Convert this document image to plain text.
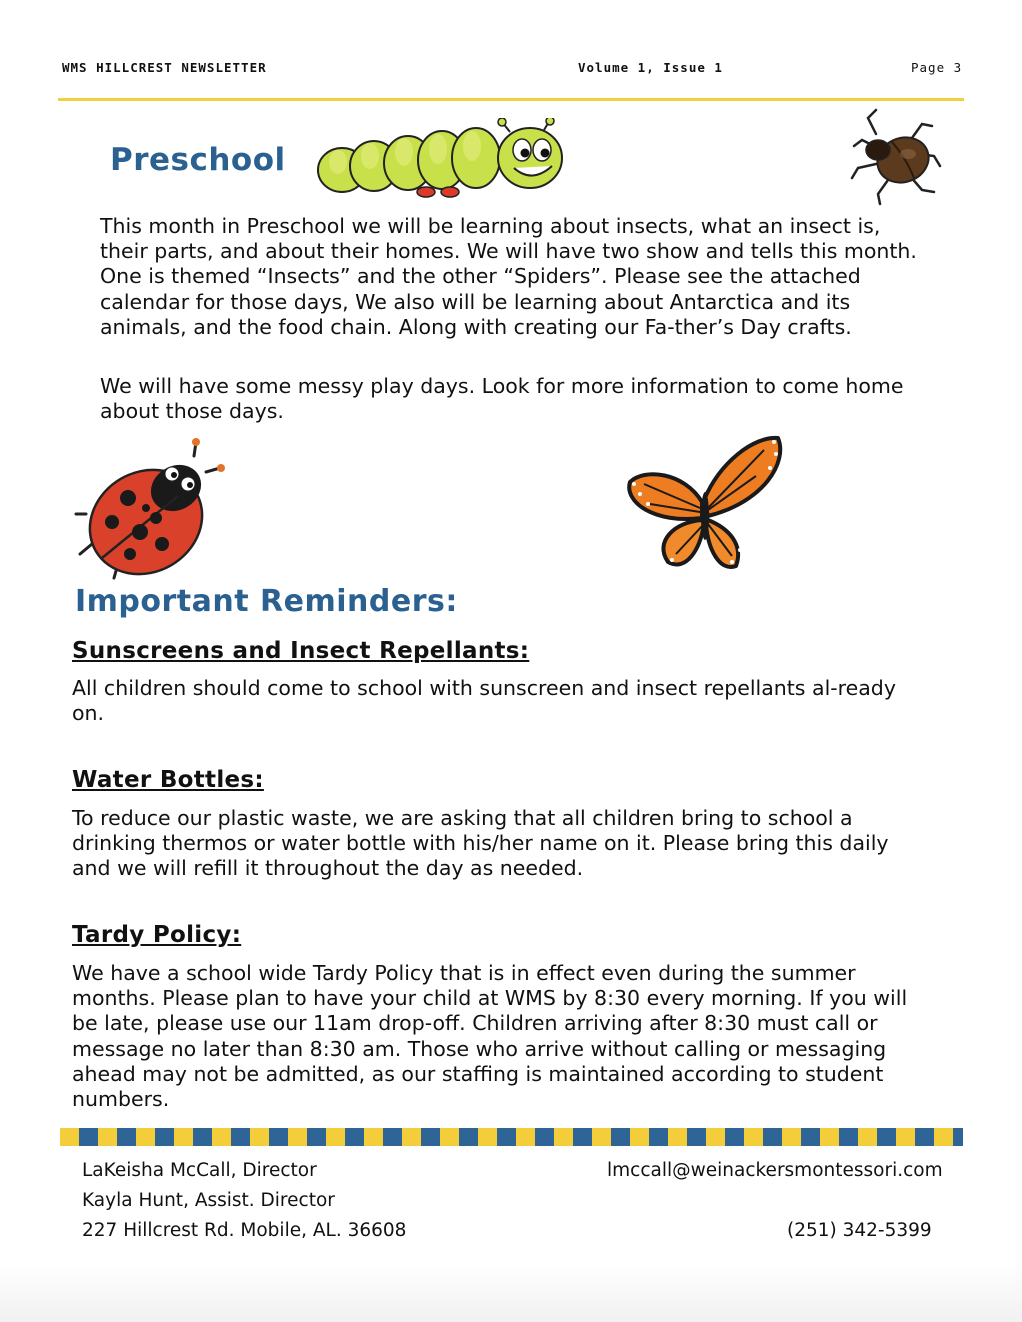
WMS HILLCREST NEWSLETTER	Volume 1, Issue 1	Page 3
Preschool

This month in Preschool we will be learning about insects, what an insect is, their parts, and about their homes. We will have two show and tells this month. One is themed “Insects” and the other “Spiders”. Please see the attached calendar for those days, We also will be learning about Antarctica and its animals, and the food chain. Along with creating our Fa-ther’s Day crafts.

We will have some messy play days. Look for more information to come home about those days.

Important Reminders:
Sunscreens and Insect Repellants:

All children should come to school with sunscreen and insect repellants al-ready on.

Water Bottles:

To reduce our plastic waste, we are asking that all children bring to school a drinking thermos or water bottle with his/her name on it. Please bring this daily and we will refill it throughout the day as needed.

Tardy Policy:

We have a school wide Tardy Policy that is in effect even during the summer months. Please plan to have your child at WMS by 8:30 every morning. If you will be late, please use our 11am drop-off. Children arriving after 8:30 must call or message no later than 8:30 am. Those who arrive without calling or messaging ahead may not be admitted, as our staffing is maintained according to student numbers.

LaKeisha McCall, Director
Kayla Hunt, Assist. Director
227 Hillcrest Rd. Mobile, AL. 36608
lmccall@weinackersmontessori.com
(251) 342-5399
